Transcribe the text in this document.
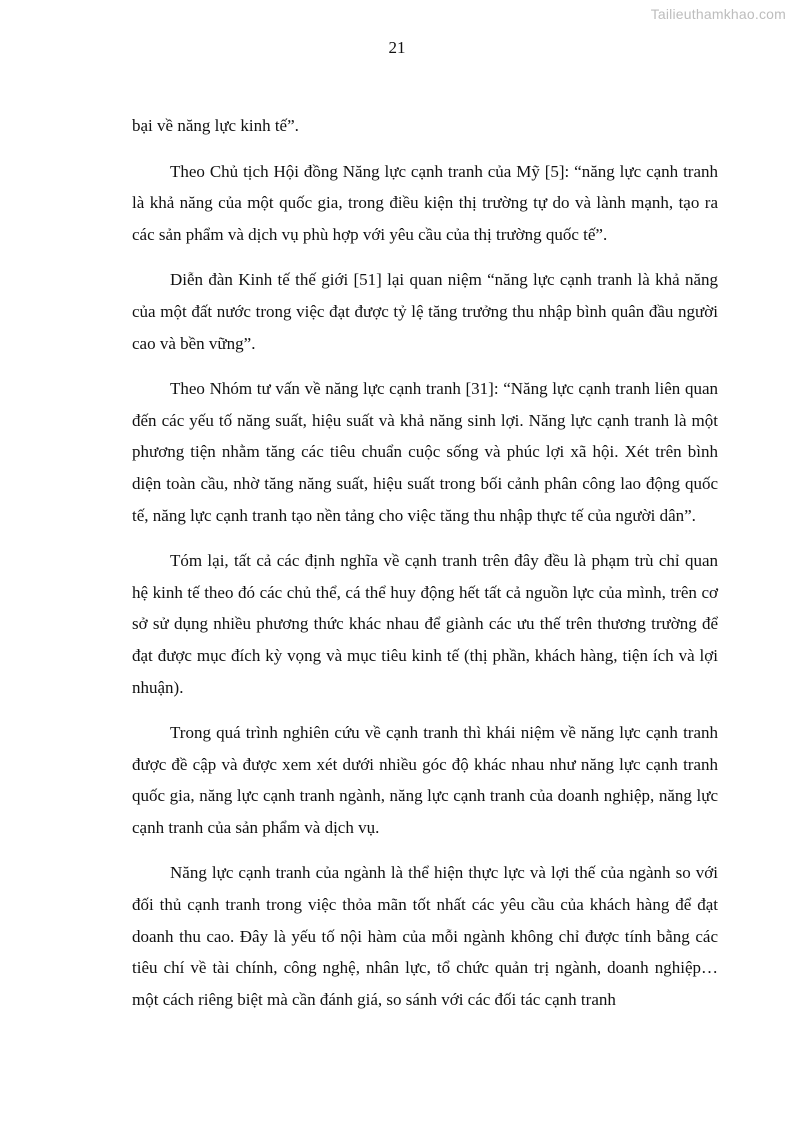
Tailieuthamkhao.com
21

bại về năng lực kinh tế”.

Theo Chủ tịch Hội đồng Năng lực cạnh tranh của Mỹ [5]: “năng lực cạnh tranh là khả năng của một quốc gia, trong điều kiện thị trường tự do và lành mạnh, tạo ra các sản phẩm và dịch vụ phù hợp với yêu cầu của thị trường quốc tế”.

Diễn đàn Kinh tế thế giới [51] lại quan niệm “năng lực cạnh tranh là khả năng của một đất nước trong việc đạt được tỷ lệ tăng trưởng thu nhập bình quân đầu người cao và bền vững”.

Theo Nhóm tư vấn về năng lực cạnh tranh [31]: “Năng lực cạnh tranh liên quan đến các yếu tố năng suất, hiệu suất và khả năng sinh lợi. Năng lực cạnh tranh là một phương tiện nhằm tăng các tiêu chuẩn cuộc sống và phúc lợi xã hội. Xét trên bình diện toàn cầu, nhờ tăng năng suất, hiệu suất trong bối cảnh phân công lao động quốc tế, năng lực cạnh tranh tạo nền tảng cho việc tăng thu nhập thực tế của người dân”.

Tóm lại, tất cả các định nghĩa về cạnh tranh trên đây đều là phạm trù chỉ quan hệ kinh tế theo đó các chủ thể, cá thể huy động hết tất cả nguồn lực của mình, trên cơ sở sử dụng nhiều phương thức khác nhau để giành các ưu thế trên thương trường để đạt được mục đích kỳ vọng và mục tiêu kinh tế (thị phần, khách hàng, tiện ích và lợi nhuận).

Trong quá trình nghiên cứu về cạnh tranh thì khái niệm về năng lực cạnh tranh được đề cập và được xem xét dưới nhiều góc độ khác nhau như năng lực cạnh tranh quốc gia, năng lực cạnh tranh ngành, năng lực cạnh tranh của doanh nghiệp, năng lực cạnh tranh của sản phẩm và dịch vụ.

Năng lực cạnh tranh của ngành là thể hiện thực lực và lợi thế của ngành so với đối thủ cạnh tranh trong việc thỏa mãn tốt nhất các yêu cầu của khách hàng để đạt doanh thu cao. Đây là yếu tố nội hàm của mỗi ngành không chỉ được tính bằng các tiêu chí về tài chính, công nghệ, nhân lực, tổ chức quản trị ngành, doanh nghiệp… một cách riêng biệt mà cần đánh giá, so sánh với các đối tác cạnh tranh
